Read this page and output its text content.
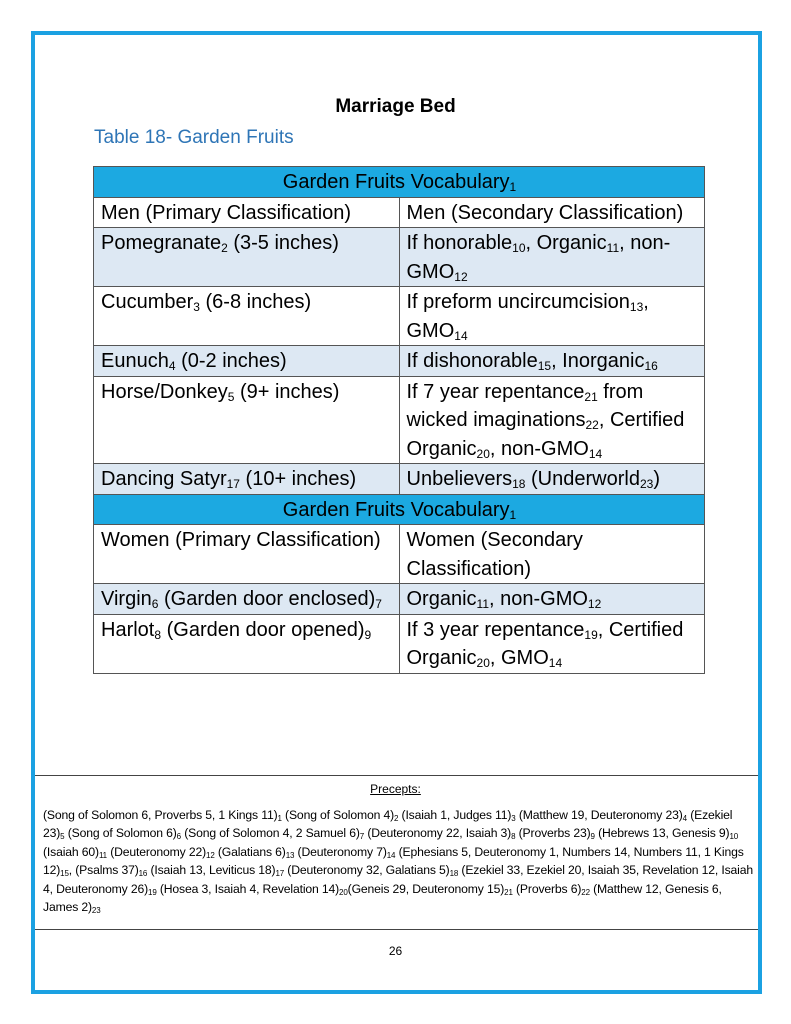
Marriage Bed
Table 18- Garden Fruits
Garden Fruits Vocabulary$_1$
Men (Primary Classification)	Men (Secondary Classification)
Pomegranate$_2$ (3-5 inches)	If honorable$_{10}$, Organic$_{11}$, non-$GMO_{12}$
Cucumber$_3$ (6-8 inches)	If preform uncircumcision$_{13}$, $GMO_{14}$
Eunuch$_4$ (0-2 inches)	If dishonorable$_{15}$, Inorganic$_{16}$
Horse/Donkey$_5$ (9+ inches)	If 7 year repentance$_{21}$ from wicked imaginations$_{22}$, Certified Organic$_{20}$, non-$GMO_{14}$
Dancing Satyr$_{17}$ (10+ inches)	Unbelievers$_{18}$ (Underworld$_{23}$)
Garden Fruits Vocabulary$_1$
Women (Primary Classification)	Women (Secondary Classification)
Virgin$_6$ (Garden door $enclosed)_7$	Organic$_{11}$, non-$GMO_{12}$
Harlot$_8$ (Garden door $opened)_9$	If 3 year repentance$_{19}$, Certified Organic$_{20}$, $GMO_{14}$
Precepts:
(Song of Solomon 6, Proverbs 5, 1 Kings $11)_1$ (Song of Solomon $4)_2$ (Isaiah 1, Judges $11)_3$ (Matthew 19, Deuteronomy $23)_4$ (Ezekiel $23)_5$ (Song of Solomon $6)_6$ (Song of Solomon 4, 2 Samuel $6)_7$ (Deuteronomy 22, Isaiah $3)_8$ (Proverbs $23)_9$ (Hebrews 13, Genesis $9)_{10}$ (Isaiah $60)_{11}$ (Deuteronomy $22)_{12}$ (Galatians $6)_{13}$ (Deuteronomy $7)_{14}$ (Ephesians 5, Deuteronomy 1, Numbers 14, Numbers 11, 1 Kings $12)_{15}$, (Psalms $37)_{16}$ (Isaiah 13, Leviticus $18)_{17}$ (Deuteronomy 32, Galatians $5)_{18}$ (Ezekiel 33, Ezekiel 20, Isaiah 35, Revelation 12, Isaiah 4, Deuteronomy $26)_{19}$ (Hosea 3, Isaiah 4, Revelation $14)_{20}(Geneis$ 29, Deuteronomy $15)_{21}$ (Proverbs $6)_{22}$ (Matthew 12, Genesis 6, James $2)_{23}$
26
